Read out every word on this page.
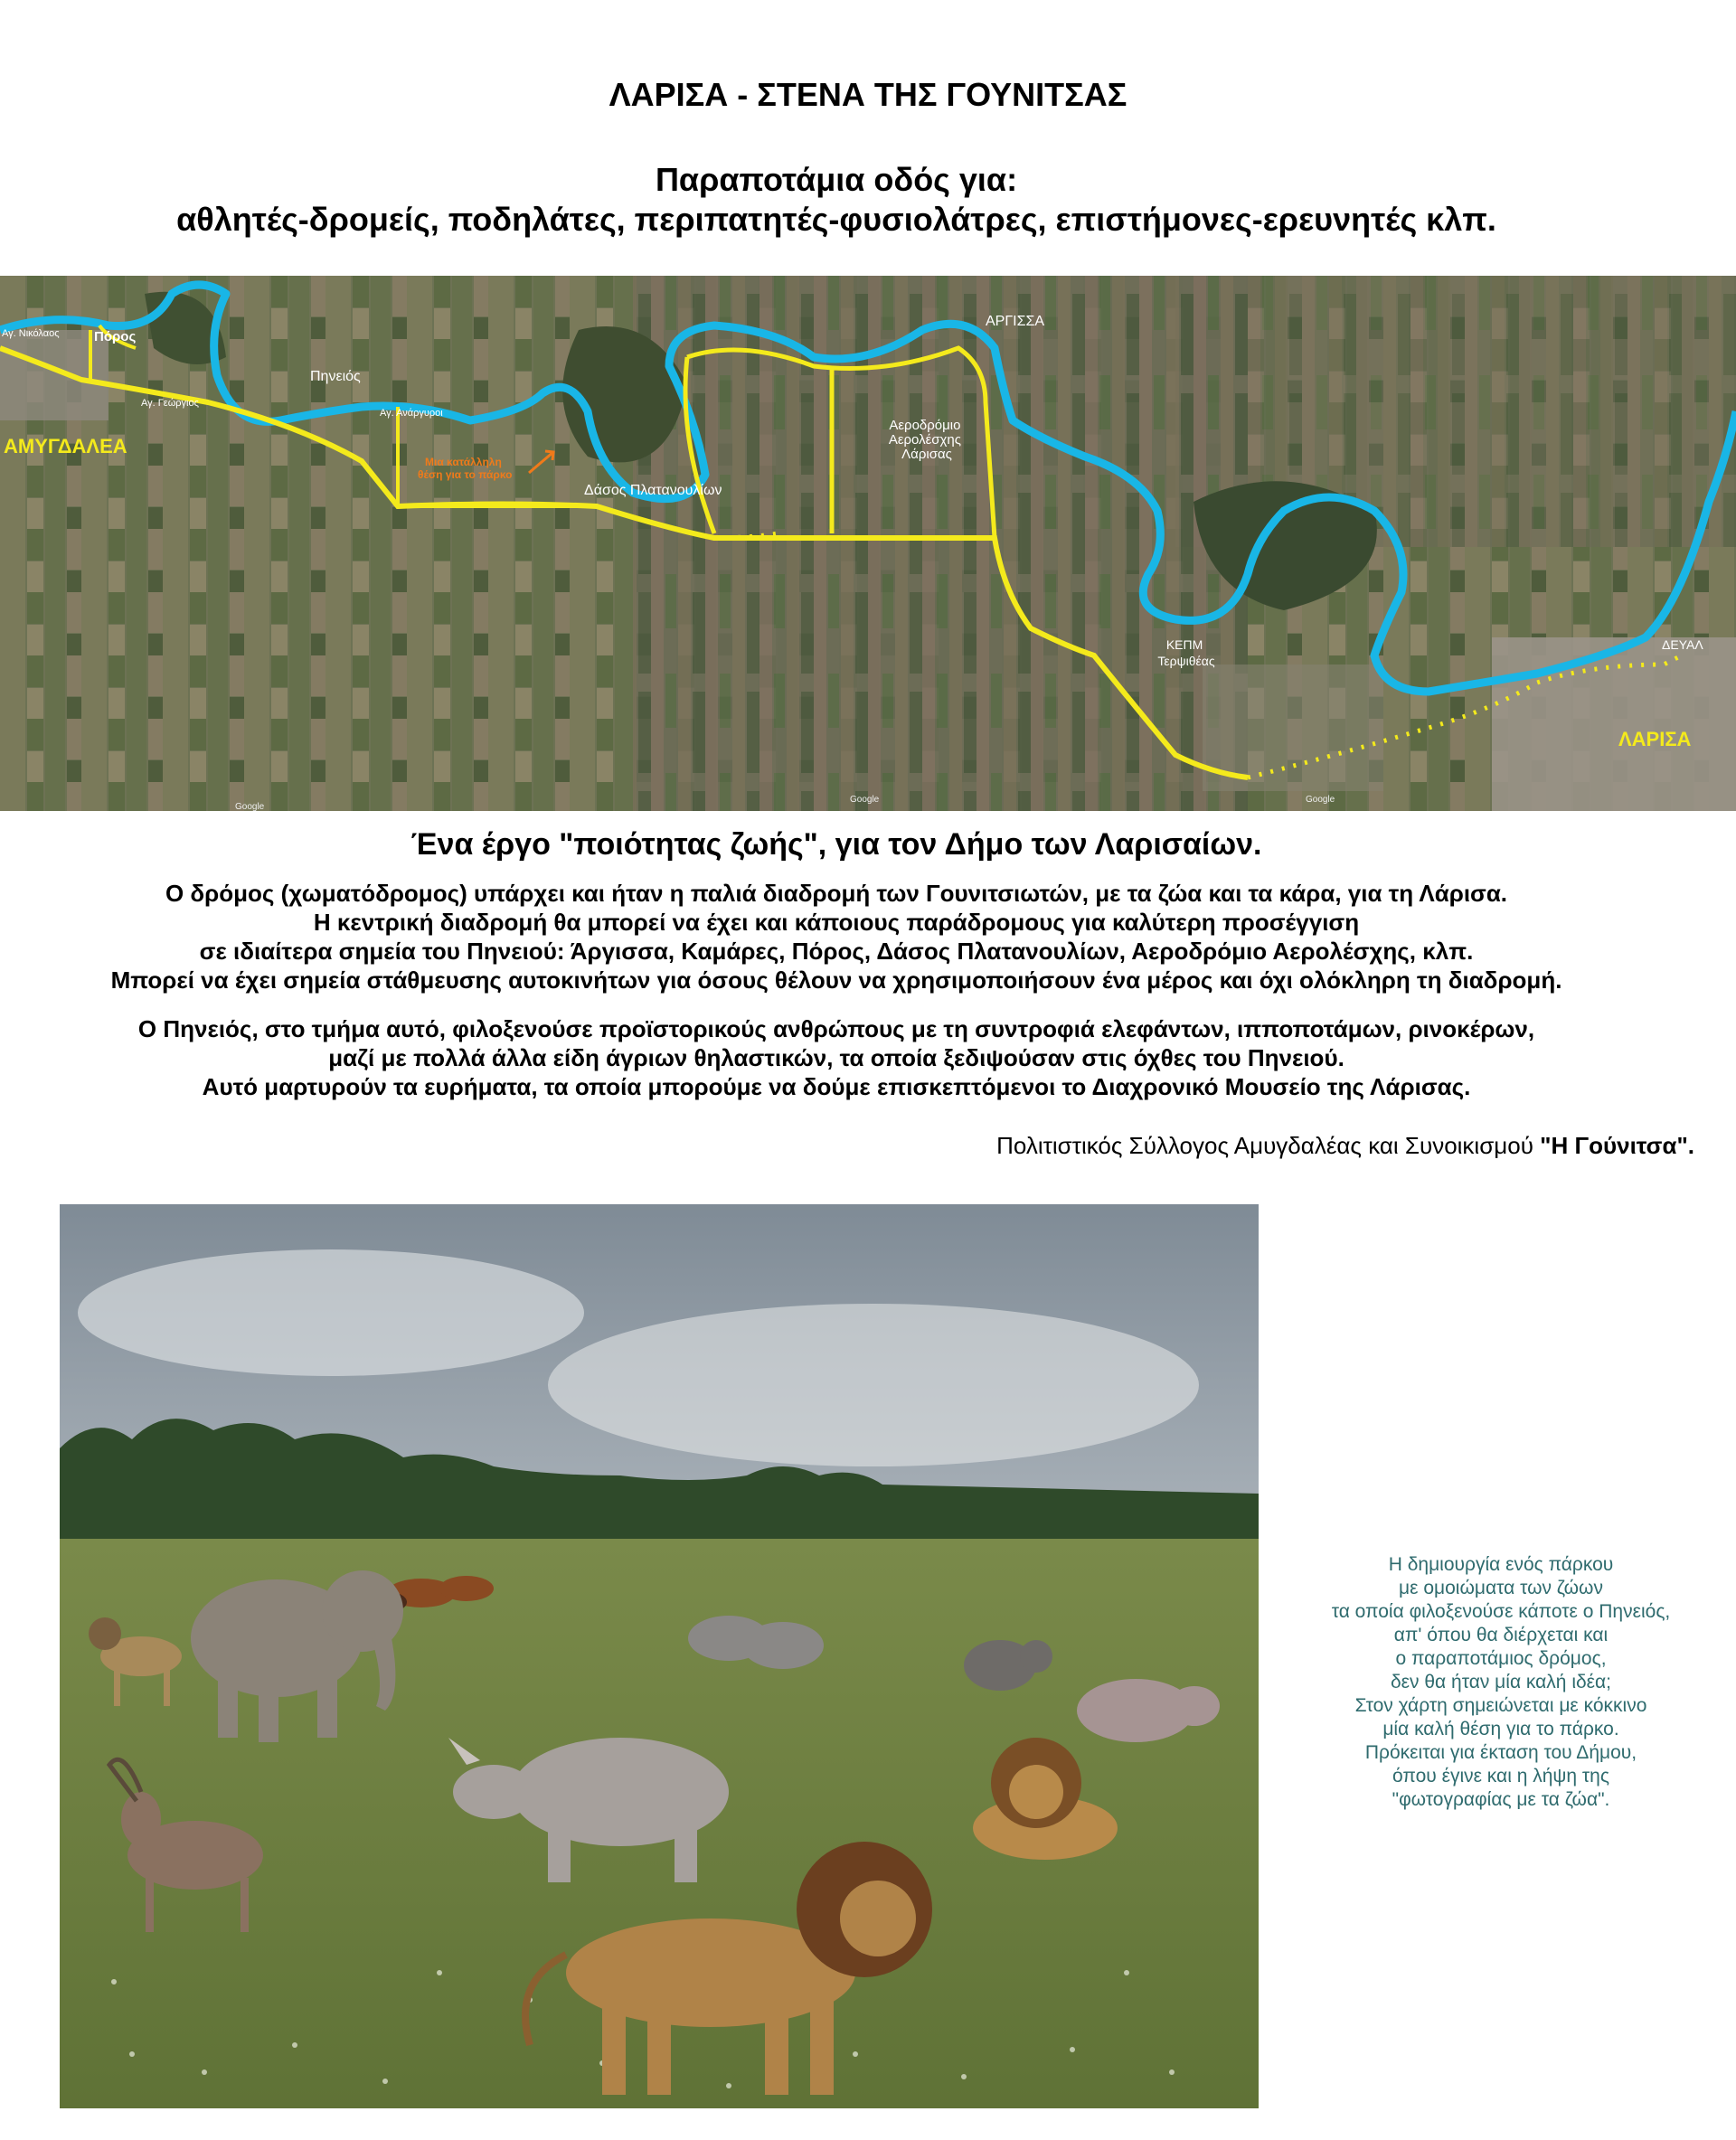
ΛΑΡΙΣΑ - ΣΤΕΝΑ ΤΗΣ ΓΟΥΝΙΤΣΑΣ
Παραποτάμια οδός για:
αθλητές-δρομείς, ποδηλάτες, περιπατητές-φυσιολάτρες, επιστήμονες-ερευνητές κλπ.
Αγ. Νικόλαος	Πόρος
Αγ. Γεώργιος
Πηνειός
Αγ. Ανάργυροι
ΑΜΥΓΔΑΛΕΑ
Μια κατάλληλη θέση για το πάρκο
Δάσος Πλατανουλίων
ΑΡΓΙΣΣΑ
Αεροδρόμιο Αερολέσχης Λάρισας
ΚΕΠΜ Τερψιθέας
ΔΕΥΑΛ
ΛΑΡΙΣΑ
Google
Google	Google
Ένα έργο "ποιότητας ζωής", για τον Δήμο των Λαρισαίων.
Ο δρόμος (χωματόδρομος) υπάρχει και ήταν η παλιά διαδρομή των Γουνιτσιωτών, με τα ζώα και τα κάρα, για τη Λάρισα.
Η κεντρική διαδρομή θα μπορεί να έχει και κάποιους παράδρομους για καλύτερη προσέγγιση
σε ιδιαίτερα σημεία του Πηνειού: Άργισσα, Καμάρες, Πόρος, Δάσος Πλατανουλίων, Αεροδρόμιο Αερολέσχης, κλπ.
Μπορεί να έχει σημεία στάθμευσης αυτοκινήτων για όσους θέλουν να χρησιμοποιήσουν ένα μέρος και όχι ολόκληρη τη διαδρομή.
Ο Πηνειός, στο τμήμα αυτό, φιλοξενούσε προϊστορικούς ανθρώπους με τη συντροφιά ελεφάντων, ιπποποτάμων, ρινοκέρων,
μαζί με πολλά άλλα είδη άγριων θηλαστικών, τα οποία ξεδιψούσαν στις όχθες του Πηνειού.
Αυτό μαρτυρούν τα ευρήματα, τα οποία μπορούμε να δούμε επισκεπτόμενοι το Διαχρονικό Μουσείο της Λάρισας.
Πολιτιστικός Σύλλογος Αμυγδαλέας και Συνοικισμού "Η Γούνιτσα".
Η δημιουργία ενός πάρκου
με ομοιώματα των ζώων
τα οποία φιλοξενούσε κάποτε ο Πηνειός,
απ' όπου θα διέρχεται και
ο παραποτάμιος δρόμος,
δεν θα ήταν μία καλή ιδέα;
Στον χάρτη σημειώνεται με κόκκινο
μία καλή θέση για το πάρκο.
Πρόκειται για έκταση του Δήμου,
όπου έγινε και η λήψη της
"φωτογραφίας με τα ζώα".
